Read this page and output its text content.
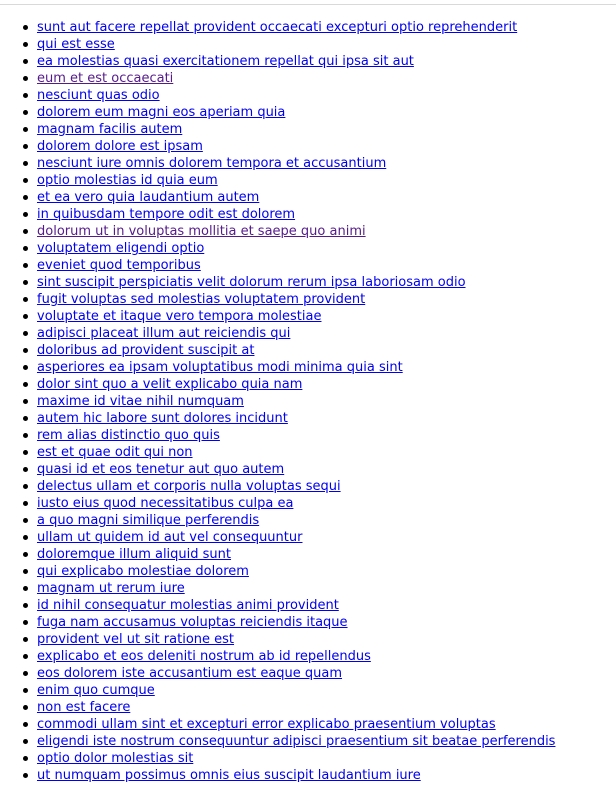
sunt aut facere repellat provident occaecati excepturi optio reprehenderit
qui est esse
ea molestias quasi exercitationem repellat qui ipsa sit aut
eum et est occaecati
nesciunt quas odio
dolorem eum magni eos aperiam quia
magnam facilis autem
dolorem dolore est ipsam
nesciunt iure omnis dolorem tempora et accusantium
optio molestias id quia eum
et ea vero quia laudantium autem
in quibusdam tempore odit est dolorem
dolorum ut in voluptas mollitia et saepe quo animi
voluptatem eligendi optio
eveniet quod temporibus
sint suscipit perspiciatis velit dolorum rerum ipsa laboriosam odio
fugit voluptas sed molestias voluptatem provident
voluptate et itaque vero tempora molestiae
adipisci placeat illum aut reiciendis qui
doloribus ad provident suscipit at
asperiores ea ipsam voluptatibus modi minima quia sint
dolor sint quo a velit explicabo quia nam
maxime id vitae nihil numquam
autem hic labore sunt dolores incidunt
rem alias distinctio quo quis
est et quae odit qui non
quasi id et eos tenetur aut quo autem
delectus ullam et corporis nulla voluptas sequi
iusto eius quod necessitatibus culpa ea
a quo magni similique perferendis
ullam ut quidem id aut vel consequuntur
doloremque illum aliquid sunt
qui explicabo molestiae dolorem
magnam ut rerum iure
id nihil consequatur molestias animi provident
fuga nam accusamus voluptas reiciendis itaque
provident vel ut sit ratione est
explicabo et eos deleniti nostrum ab id repellendus
eos dolorem iste accusantium est eaque quam
enim quo cumque
non est facere
commodi ullam sint et excepturi error explicabo praesentium voluptas
eligendi iste nostrum consequuntur adipisci praesentium sit beatae perferendis
optio dolor molestias sit
ut numquam possimus omnis eius suscipit laudantium iure
